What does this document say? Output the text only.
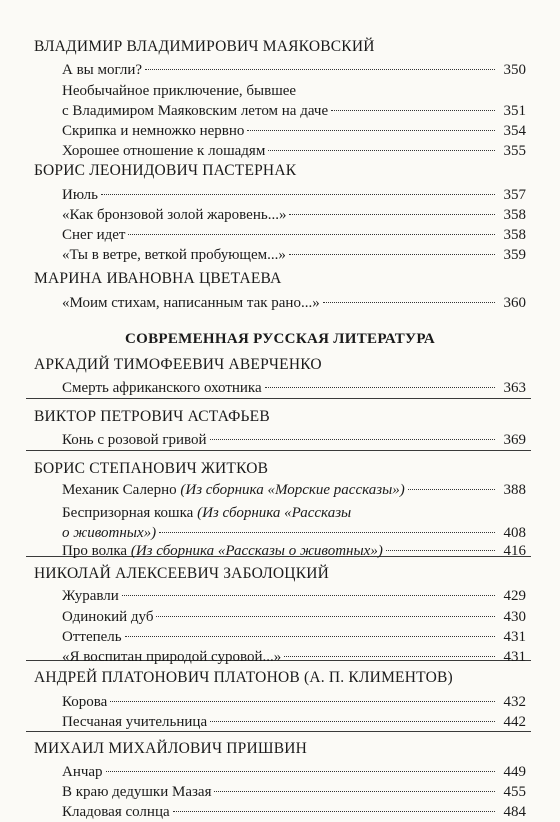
ВЛАДИМИР ВЛАДИМИРОВИЧ МАЯКОВСКИЙ
А вы могли?	350
Необычайное приключение, бывшее
с Владимиром Маяковским летом на даче	351
Скрипка и немножко нервно	354
Хорошее отношение к лошадям	355
БОРИС ЛЕОНИДОВИЧ ПАСТЕРНАК
Июль	357
«Как бронзовой золой жаровень...»	358
Снег идет	358
«Ты в ветре, веткой пробующем...»	359
МАРИНА ИВАНОВНА ЦВЕТАЕВА
«Моим стихам, написанным так рано...»	360
СОВРЕМЕННАЯ РУССКАЯ ЛИТЕРАТУРА
АРКАДИЙ ТИМОФЕЕВИЧ АВЕРЧЕНКО
Смерть африканского охотника	363
ВИКТОР ПЕТРОВИЧ АСТАФЬЕВ
Конь с розовой гривой	369
БОРИС СТЕПАНОВИЧ ЖИТКОВ
Механик Салерно (Из сборника «Морские рассказы»)	388
Беспризорная кошка (Из сборника «Рассказы
о животных»)	408
Про волка (Из сборника «Рассказы о животных»)	416
НИКОЛАЙ АЛЕКСЕЕВИЧ ЗАБОЛОЦКИЙ
Журавли	429
Одинокий дуб	430
Оттепель	431
«Я воспитан природой суровой...»	431
АНДРЕЙ ПЛАТОНОВИЧ ПЛАТОНОВ (А. П. КЛИМЕНТОВ)
Корова	432
Песчаная учительница	442
МИХАИЛ МИХАЙЛОВИЧ ПРИШВИН
Анчар	449
В краю дедушки Мазая	455
Кладовая солнца	484
